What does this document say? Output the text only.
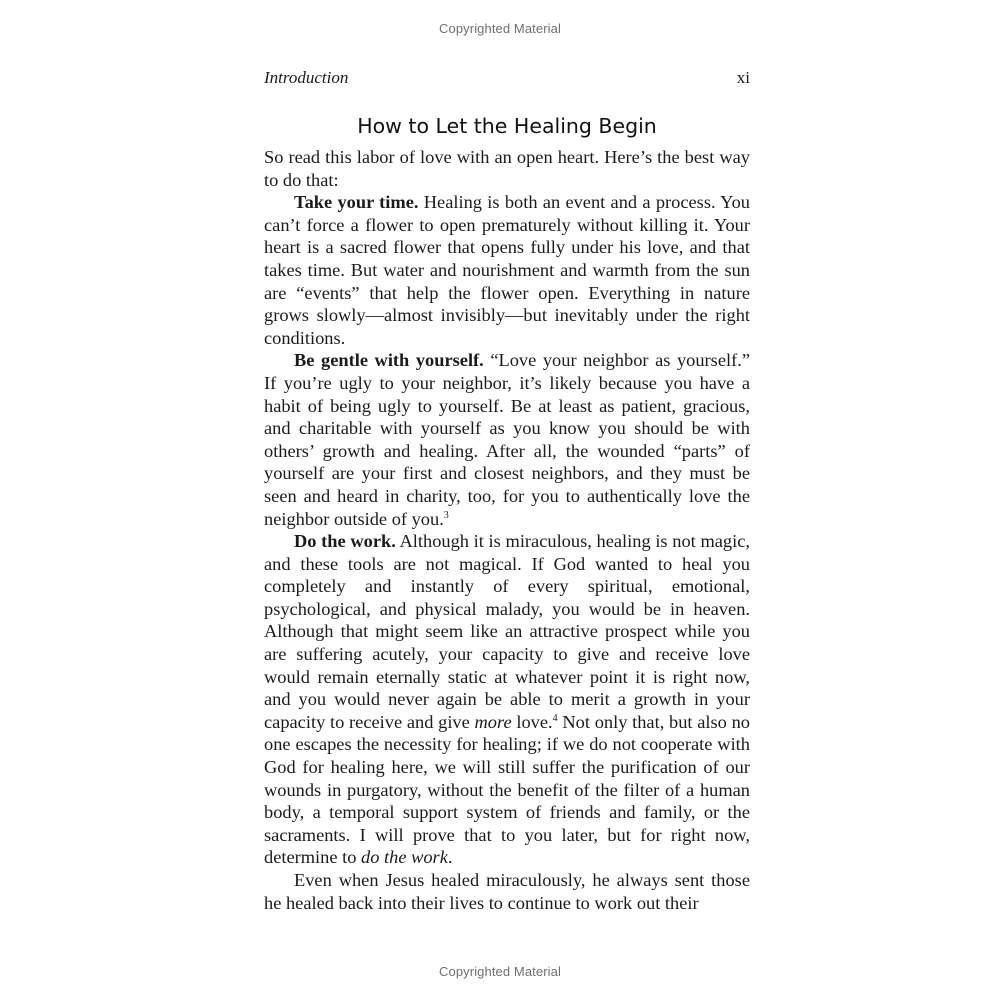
Copyrighted Material
Introduction	xi
How to Let the Healing Begin

So read this labor of love with an open heart. Here’s the best way to do that:

Take your time. Healing is both an event and a process. You can’t force a flower to open prematurely without killing it. Your heart is a sacred flower that opens fully under his love, and that takes time. But water and nourishment and warmth from the sun are “events” that help the flower open. Everything in nature grows slowly—almost invisibly—but inevitably under the right conditions.

Be gentle with yourself. “Love your neighbor as yourself.” If you’re ugly to your neighbor, it’s likely because you have a habit of being ugly to yourself. Be at least as patient, gracious, and charitable with yourself as you know you should be with others’ growth and healing. After all, the wounded “parts” of yourself are your first and closest neighbors, and they must be seen and heard in charity, too, for you to authentically love the neighbor outside of you.$^3$

Do the work. Although it is miraculous, healing is not magic, and these tools are not magical. If God wanted to heal you completely and instantly of every spiritual, emotional, psychological, and physical malady, you would be in heaven. Although that might seem like an attractive prospect while you are suffering acutely, your capacity to give and receive love would remain eternally static at whatever point it is right now, and you would never again be able to merit a growth in your capacity to receive and give more love.$^4$ Not only that, but also no one escapes the necessity for healing; if we do not cooperate with God for healing here, we will still suffer the purification of our wounds in purgatory, without the benefit of the filter of a human body, a temporal support system of friends and family, or the sacraments. I will prove that to you later, but for right now, determine to do the work.

Even when Jesus healed miraculously, he always sent those he healed back into their lives to continue to work out their

Copyrighted Material
